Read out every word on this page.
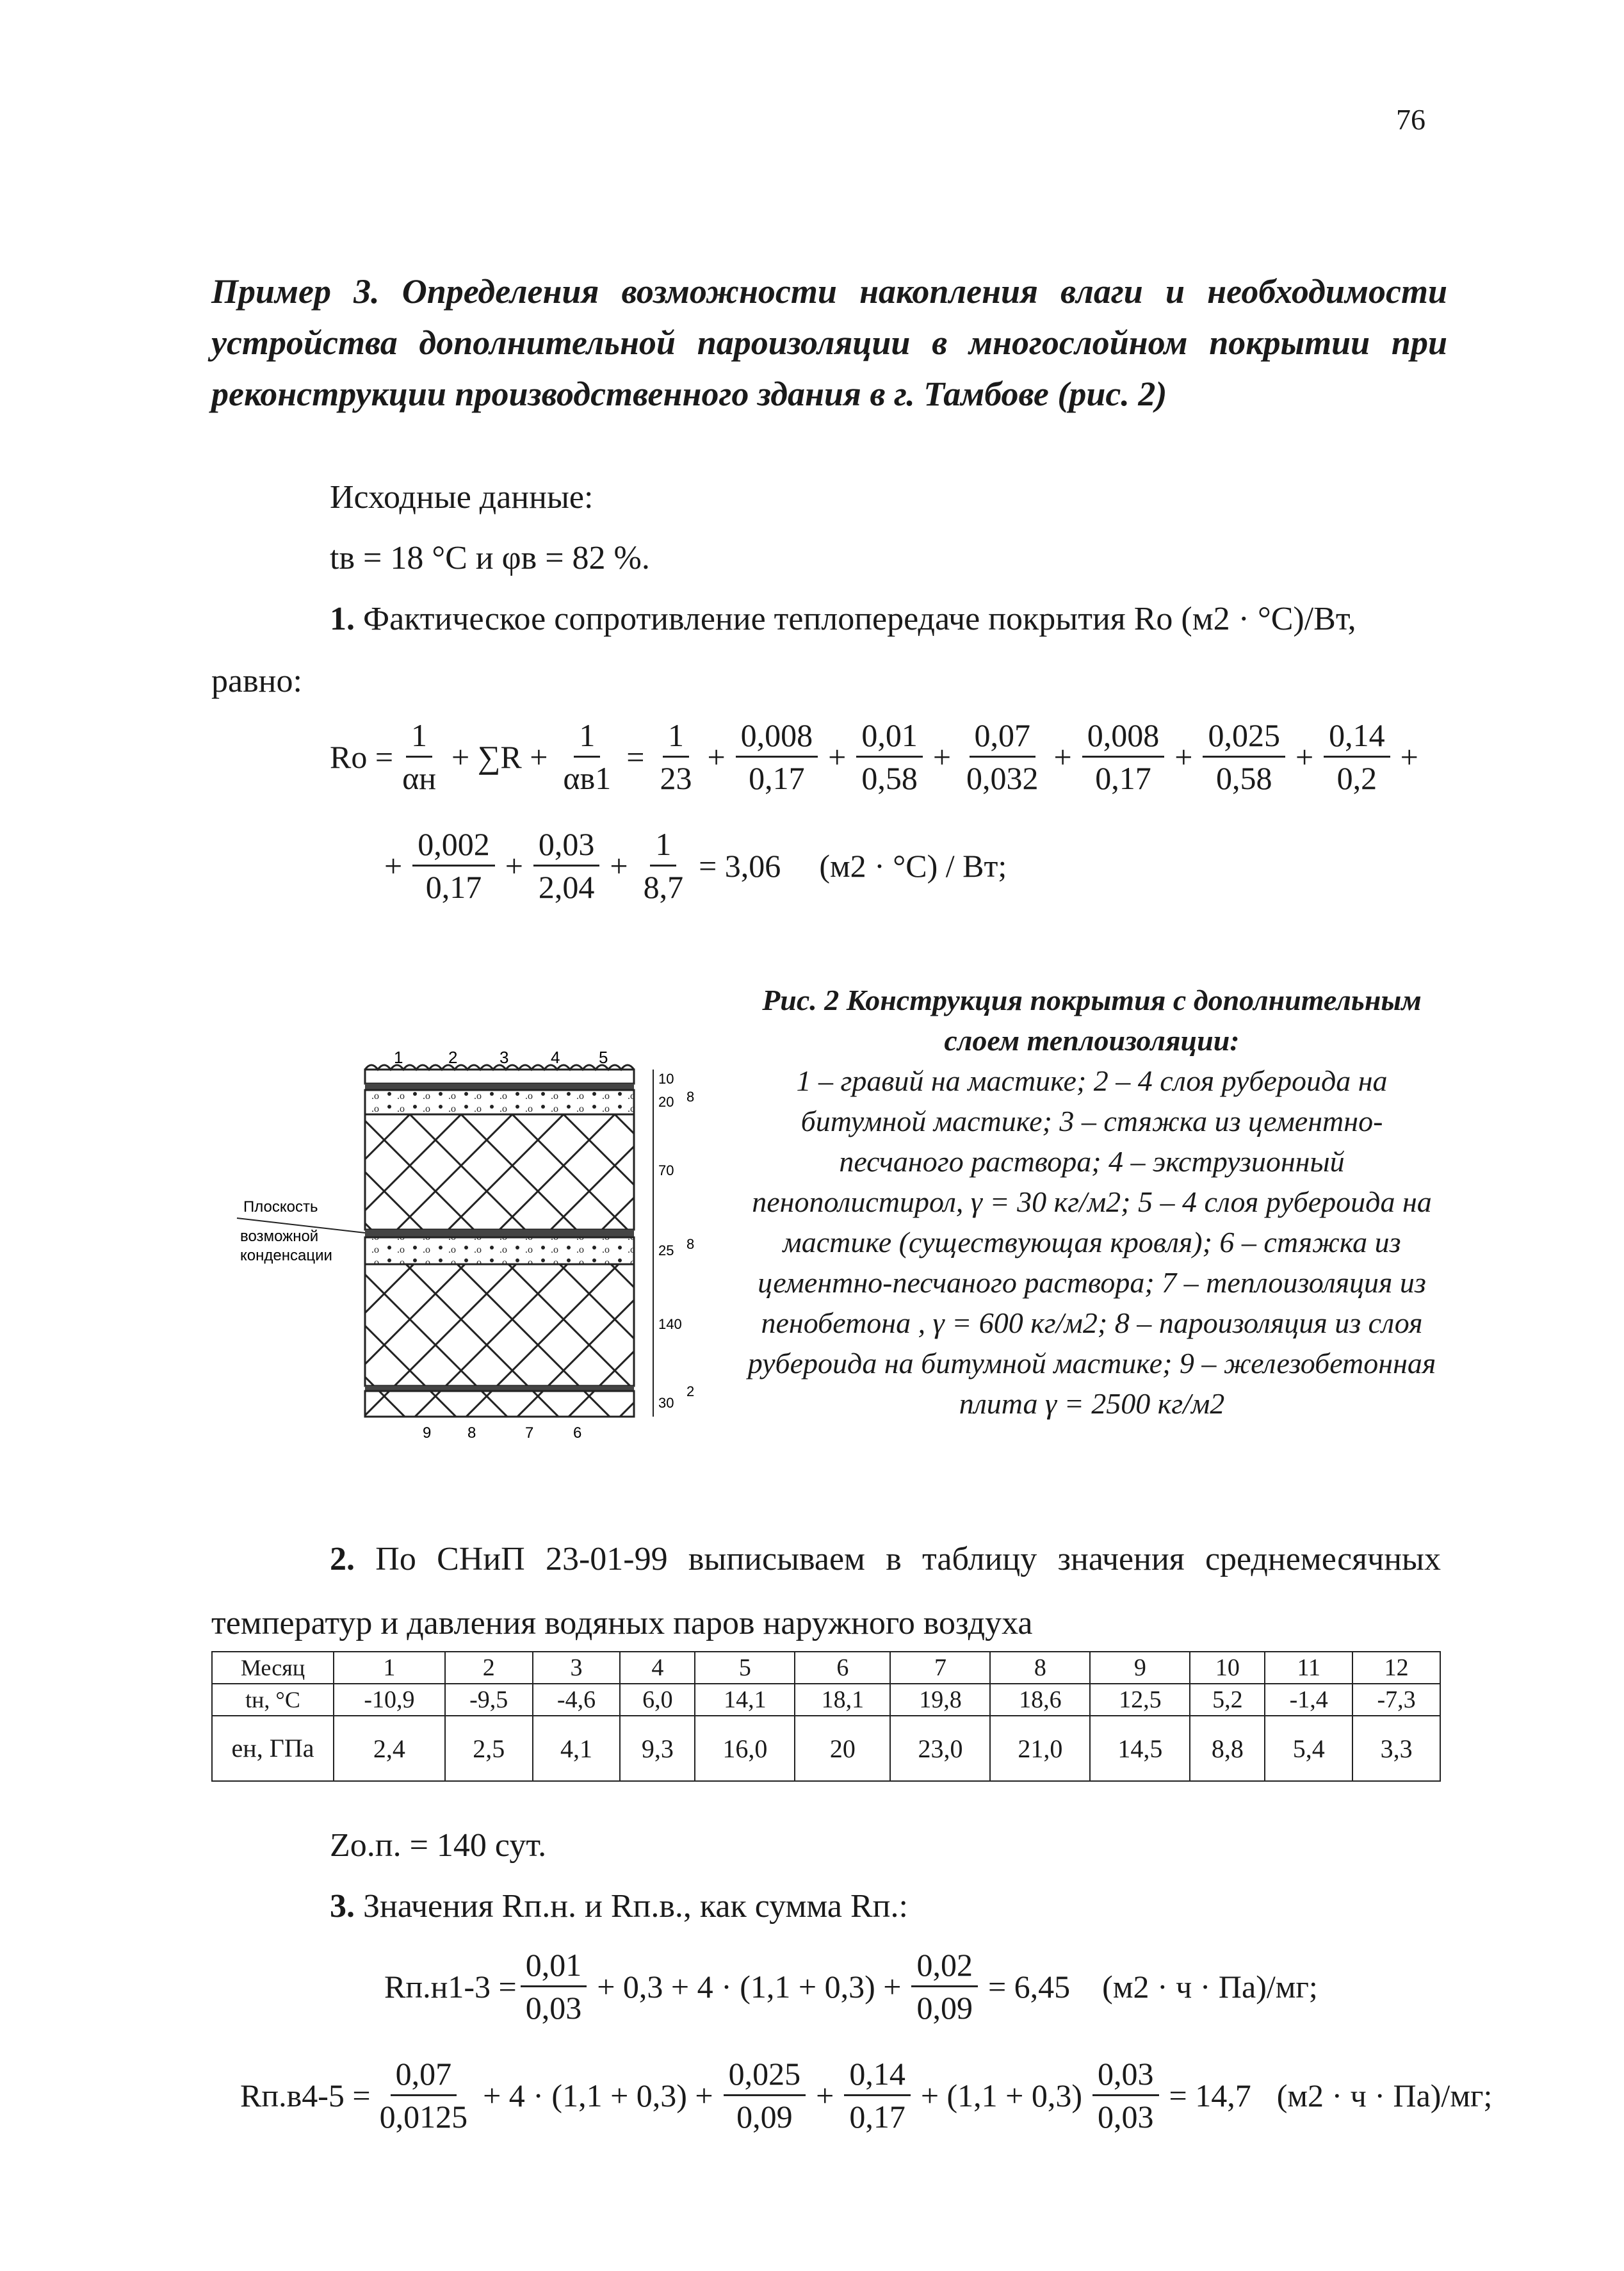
76
Пример 3. Определения возможности накопления влаги и необходимости устройства дополнительной пароизоляции в многослойном покрытии при реконструкции производственного здания в г. Тамбове (рис. 2)
Исходные данные:
tв = 18 °С и φв = 82 %.
1. Фактическое сопротивление теплопередаче покрытия Rо (м2 · °С)/Вт,
равно:
$Ro = \frac{1}{\alpha н} + \sum R + \frac{1}{\alpha в1} = \frac{1}{23} + \frac{0,008}{0,17} + \frac{0,01}{0,58} + \frac{0,07}{0,032} + \frac{0,008}{0,17} + \frac{0,025}{0,58} + \frac{0,14}{0,2}$ +
+ $\frac{0,002}{0,17} + \frac{0,03}{2,04} + \frac{1}{8,7} = 3,06$ (м2 · °С) / Вт;
1	2	3	4 5
9 8	7	6
10
20
70
25
140
30
8
8
2
Плоскость
возможной
конденсации
Рис. 2 Конструкция покрытия с дополнительным слоем теплоизоляции:
1 – гравий на мастике; 2 – 4 слоя рубероида на битумной мастике; 3 – стяжка из цементно-песчаного раствора; 4 – экструзионный пенополистирол, γ = 30 кг/м2; 5 – 4 слоя рубероида на мастике (существующая кровля); 6 – стяжка из цементно-песчаного раствора; 7 – теплоизоляция из пенобетона , γ = 600 кг/м2; 8 – пароизоляция из слоя рубероида на битумной мастике; 9 – железобетонная плита γ = 2500 кг/м2
2. По СНиП 23-01-99 выписываем в таблицу значения среднемесячных температур и давления водяных паров наружного воздуха
Месяц	1	2	3	4	5	6	7	8	9	10	11	12
tн, °С	-10,9	-9,5	-4,6	6,0	14,1	18,1	19,8	18,6	12,5	5,2	-1,4	-7,3
eн, ГПа	2,4	2,5	4,1	9,3	16,0	20	23,0	21,0	14,5	8,8	5,4	3,3
Zо.п. = 140 сут.
3. Значения Rп.н. и Rп.в., как сумма Rп.:
$Rп.н1-3 = \frac{0,01}{0,03} + 0,3 + 4 \cdot (1,1 + 0,3) + \frac{0,02}{0,09} = 6,45$ (м2 · ч · Па)/мг;
$Rп.в4-5 = \frac{0,07}{0,0125} + 4 \cdot (1,1 + 0,3) + \frac{0,025}{0,09} + \frac{0,14}{0,17} + (1,1 + 0,3) \frac{0,03}{0,03} = 14,7$ (м2 · ч · Па)/мг;
